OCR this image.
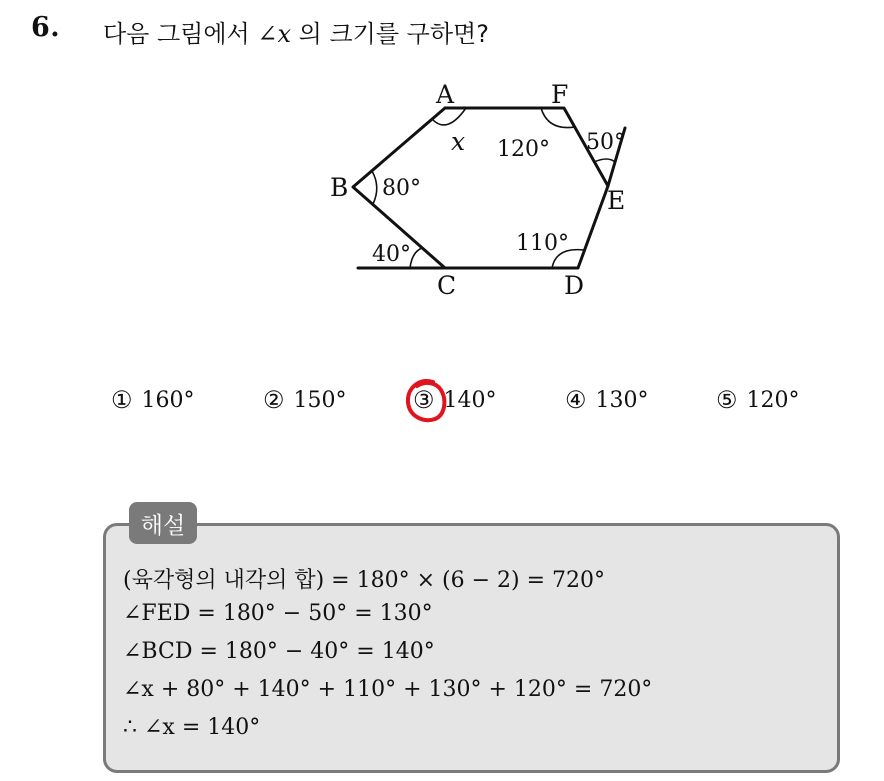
6. 다음 그림에서 ∠x 의 크기를 구하면?
A	F
B	E
C	D
x 120° 50°
80°
40°	110°
① 160°	② 150°	③ 140°	④ 130°	⑤ 120°
해설
(육각형의 내각의 합) = 180° × (6 − 2) = 720°
∠FED = 180° − 50° = 130°
∠BCD = 180° − 40° = 140°
∠x + 80° + 140° + 110° + 130° + 120° = 720°
∴ ∠x = 140°
